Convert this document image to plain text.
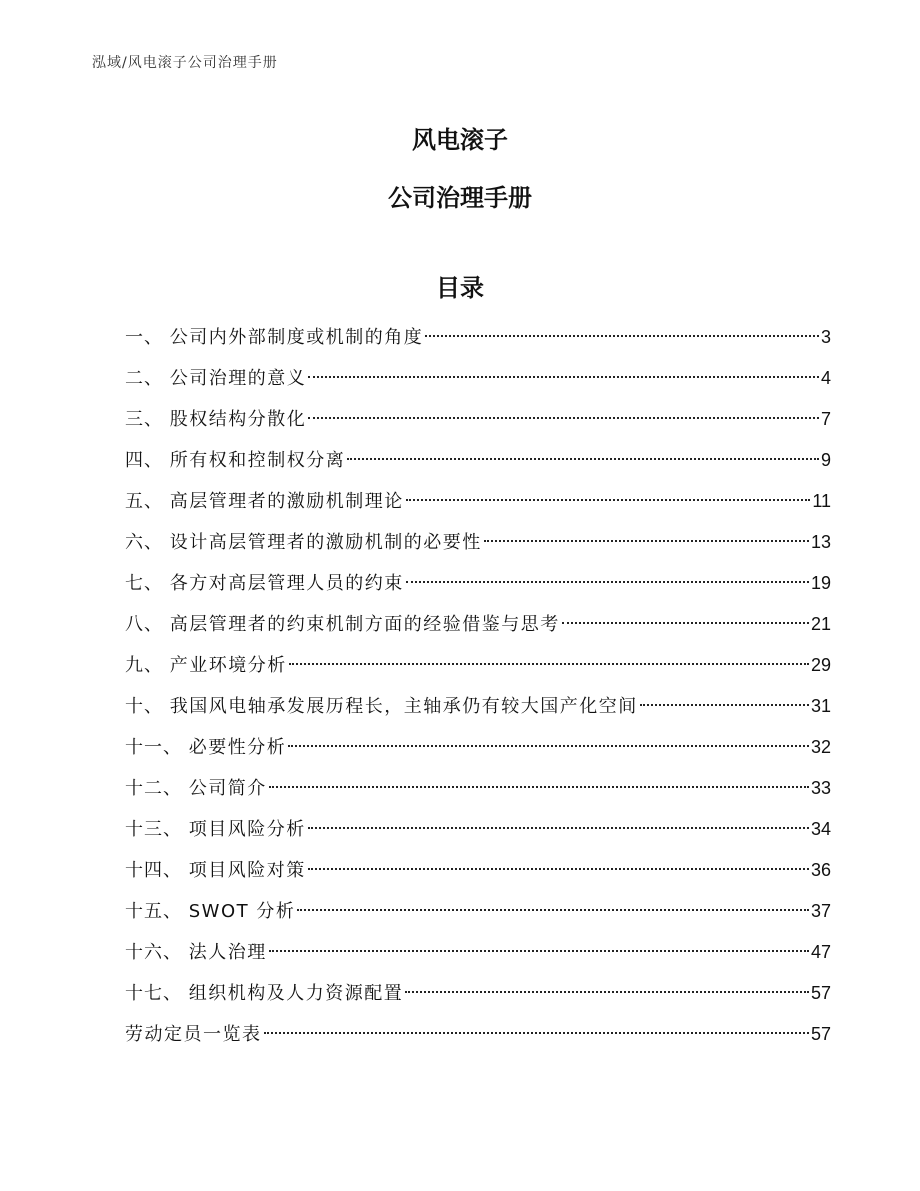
泓域/风电滚子公司治理手册
风电滚子
公司治理手册
目录
一、 公司内外部制度或机制的角度	3
二、 公司治理的意义	4
三、 股权结构分散化	7
四、 所有权和控制权分离	9
五、 高层管理者的激励机制理论	11
六、 设计高层管理者的激励机制的必要性	13
七、 各方对高层管理人员的约束	19
八、 高层管理者的约束机制方面的经验借鉴与思考	21
九、 产业环境分析	29
十、 我国风电轴承发展历程长，主轴承仍有较大国产化空间	31
十一、 必要性分析	32
十二、 公司简介	33
十三、 项目风险分析	34
十四、 项目风险对策	36
十五、 SWOT 分析	37
十六、 法人治理	47
十七、 组织机构及人力资源配置	57
劳动定员一览表	57
